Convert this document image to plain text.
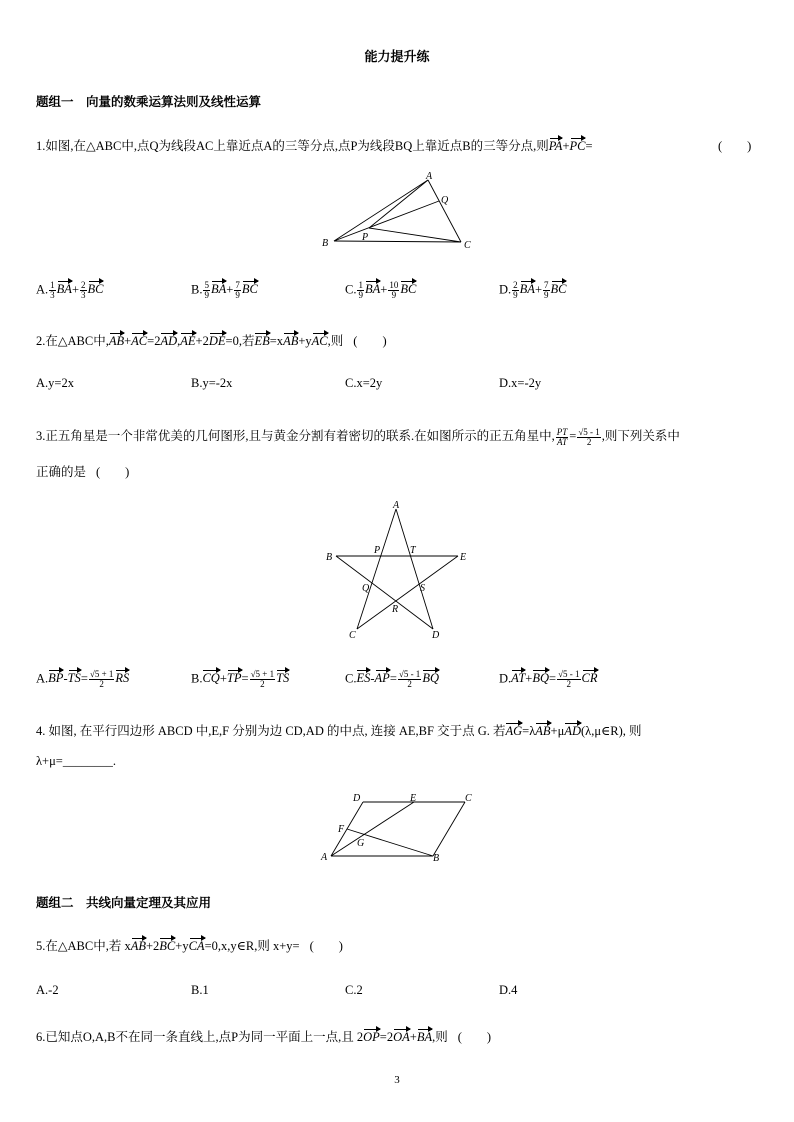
能力提升练
题组一　向量的数乘运算法则及线性运算
1.如图,在△ABC中,点Q为线段AC上靠近点A的三等分点,点P为线段BQ上靠近点B的三等分点,则PA+PC=	(　　)
A
Q
B
P
C
A. $\frac{1}{3} BA+ \frac{2}{3}$ BC	B. $\frac{5}{9} BA+ \frac{7}{9}$ BC	C. $\frac{1}{9} BA+ \frac{10}{9}$ BC	D. $\frac{2}{9} BA+ \frac{7}{9}$ BC
2.在△ABC中,AB+AC=2AD,AE+2DE=0,若EB=xAB+yAC,则 (　　)
A.y=2x	B.y=-2x	C.x=2y	D.x=-2y
3.正五角星是一个非常优美的几何图形,且与黄金分割有着密切的联系.在如图所示的正五角星中, $\frac{PT}{AT} = \frac{√5 - 1}{2}$ ,则下列关系中
正确的是 (　　)
A
B
P	T
E
Q	S
R
C	D
$A.BP-TS= \frac{√5 + 1}{2}$ RS	$B.CQ+TP= \frac{√5 + 1}{2}$ TS	$C.ES-AP= \frac{√5 - 1}{2}$ BQ	$D.AT+BQ= \frac{√5 - 1}{2}$ CR
4. 如图, 在平行四边形 ABCD 中,E,F 分别为边 CD,AD 的中点, 连接 AE,BF 交于点 G. 若AG=λAB+μAD(λ,μ∈R), 则
λ+μ=________.
D	E	C
F
G
A	B
题组二　共线向量定理及其应用
5.在△ABC中,若 xAB+2BC+yCA=0,x,y∈R,则 x+y= (　　)
A.-2	B.1	C.2	D.4
6.已知点O,A,B不在同一条直线上,点P为同一平面上一点,且 2OP=2OA+BA,则 (　　)
3
